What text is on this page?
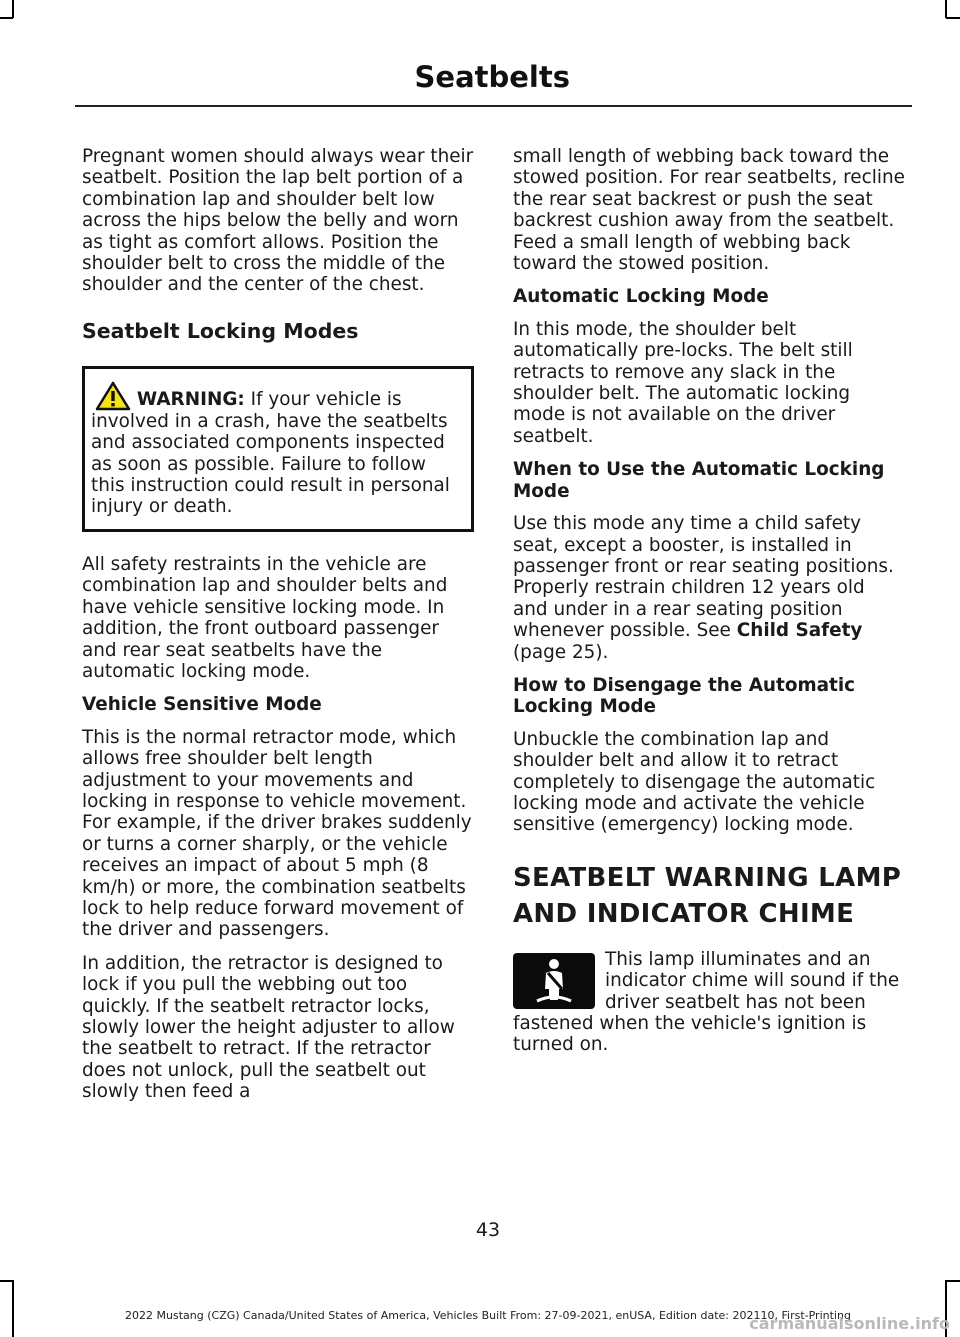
Seatbelts

Pregnant women should always wear their seatbelt. Position the lap belt portion of a combination lap and shoulder belt low across the hips below the belly and worn as tight as comfort allows. Position the shoulder belt to cross the middle of the shoulder and the center of the chest.

Seatbelt Locking Modes
WARNING: If your vehicle is involved in a crash, have the seatbelts and associated components inspected as soon as possible. Failure to follow this instruction could result in personal injury or death.

All safety restraints in the vehicle are combination lap and shoulder belts and have vehicle sensitive locking mode. In addition, the front outboard passenger and rear seat seatbelts have the automatic locking mode.

Vehicle Sensitive Mode

This is the normal retractor mode, which allows free shoulder belt length adjustment to your movements and locking in response to vehicle movement. For example, if the driver brakes suddenly or turns a corner sharply, or the vehicle receives an impact of about 5 mph (8 km/h) or more, the combination seatbelts lock to help reduce forward movement of the driver and passengers.

In addition, the retractor is designed to lock if you pull the webbing out too quickly. If the seatbelt retractor locks, slowly lower the height adjuster to allow the seatbelt to retract. If the retractor does not unlock, pull the seatbelt out slowly then feed a

small length of webbing back toward the stowed position. For rear seatbelts, recline the rear seat backrest or push the seat backrest cushion away from the seatbelt. Feed a small length of webbing back toward the stowed position.

Automatic Locking Mode

In this mode, the shoulder belt automatically pre-locks. The belt still retracts to remove any slack in the shoulder belt. The automatic locking mode is not available on the driver seatbelt.

When to Use the Automatic Locking Mode

Use this mode any time a child safety seat, except a booster, is installed in passenger front or rear seating positions. Properly restrain children 12 years old and under in a rear seating position whenever possible. See Child Safety (page 25).

How to Disengage the Automatic Locking Mode

Unbuckle the combination lap and shoulder belt and allow it to retract completely to disengage the automatic locking mode and activate the vehicle sensitive (emergency) locking mode.

SEATBELT WARNING LAMP
AND INDICATOR CHIME

This lamp illuminates and an indicator chime will sound if the driver seatbelt has not been fastened when the vehicle's ignition is turned on.

43
2022 Mustang (CZG) Canada/United States of America, Vehicles Built From: 27-09-2021, enUSA, Edition date: 202110, First-Printing
carmanualsonline.info
